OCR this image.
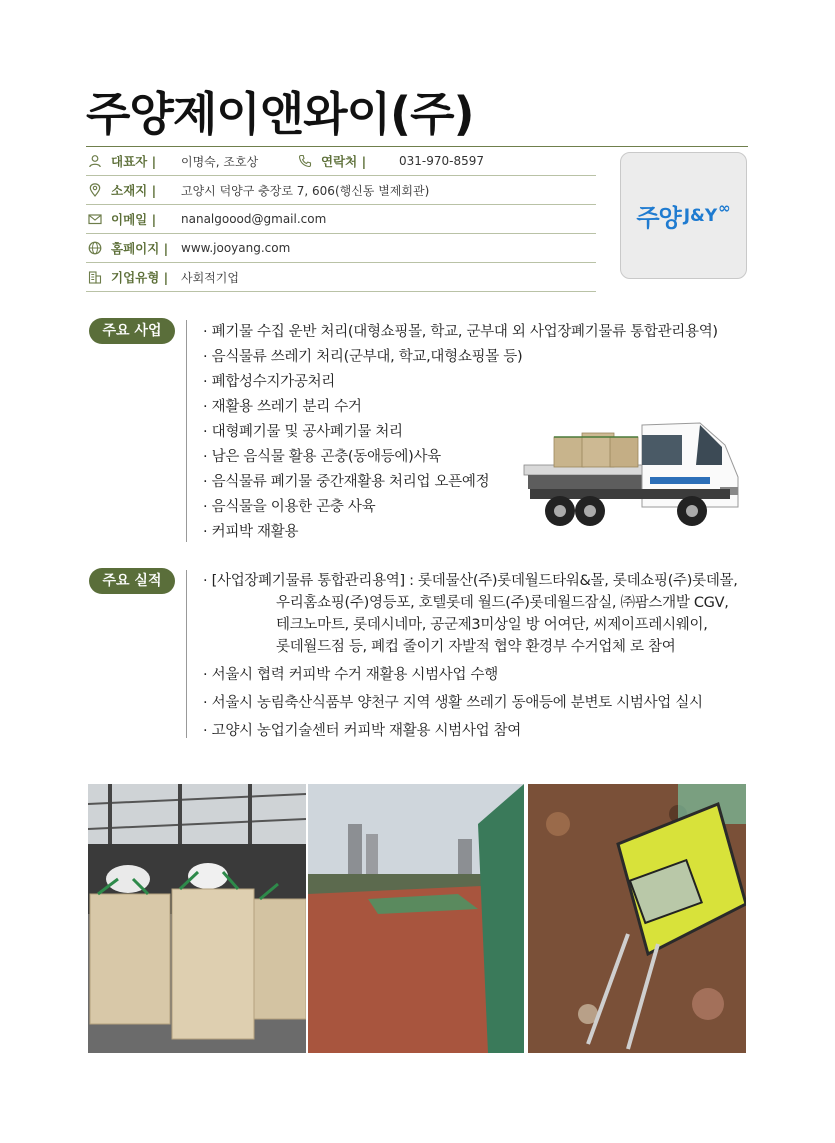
주양제이앤와이(주)
대표자 |	이명숙, 조호상	연락처 |	031-970-8597
소재지 |	고양시 덕양구 충장로 7, 606(행신동 별제회관)
이메일 |	nanalgoood@gmail.com
홈페이지 |	www.jooyang.com
기업유형 |	사회적기업
주양 J&Y ∞
주요 사업	· 폐기물 수집 운반 처리(대형쇼핑몰, 학교, 군부대 외 사업장폐기물류 통합관리용역)
· 음식물류 쓰레기 처리(군부대, 학교,대형쇼핑몰 등)
· 폐합성수지가공처리
· 재활용 쓰레기 분리 수거
· 대형폐기물 및 공사폐기물 처리
· 남은 음식물 활용 곤충(동애등에)사육
· 음식물류 폐기물 중간재활용 처리업 오픈예정
· 음식물을 이용한 곤충 사육
· 커피박 재활용
주요 실적	· [사업장폐기물류 통합관리용역] : 롯데물산(주)롯데월드타워&몰, 롯데쇼핑(주)롯데몰,
우리홈쇼핑(주)영등포, 호텔롯데 월드(주)롯데월드잠실, ㈜팜스개발 CGV,
테크노마트, 롯데시네마, 공군제3미상일 방 어여단, 씨제이프레시웨이,
롯데월드점 등, 폐컵 줄이기 자발적 협약 환경부 수거업체 로 참여
· 서울시 협력 커피박 수거 재활용 시범사업 수행
· 서울시 농림축산식품부 양천구 지역 생활 쓰레기 동애등에 분변토 시범사업 실시
· 고양시 농업기술센터 커피박 재활용 시범사업 참여
